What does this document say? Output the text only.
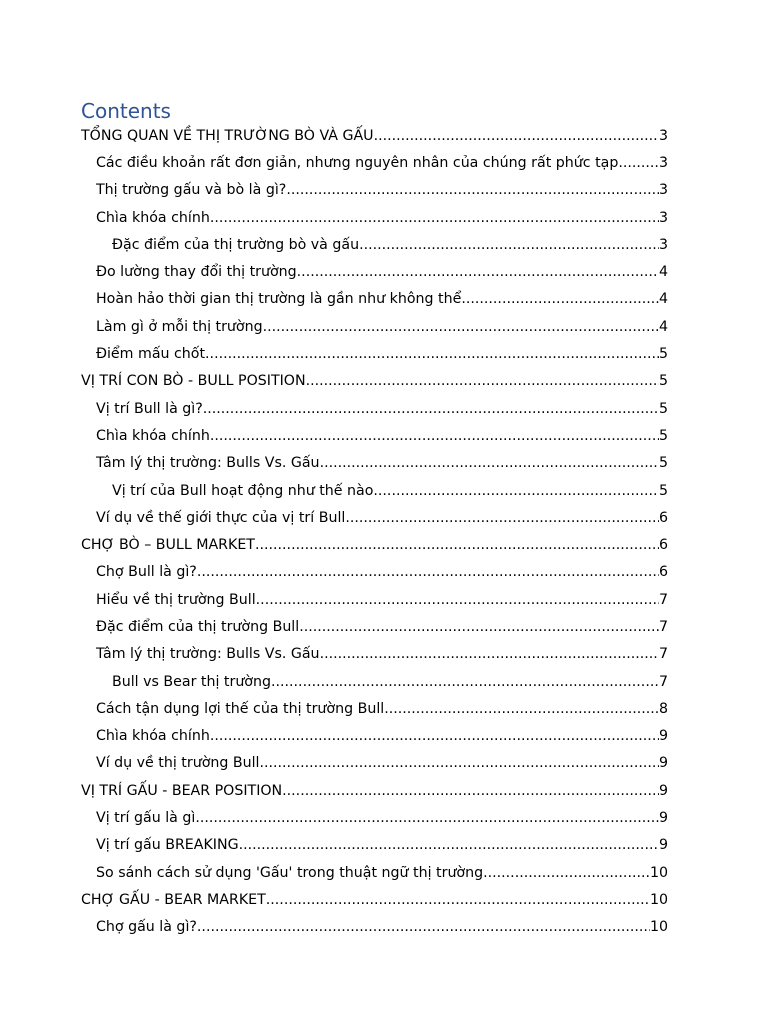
Contents
TỔNG QUAN VỀ THỊ TRƯỜNG BÒ VÀ GẤU .....	3
Các điều khoản rất đơn giản, nhưng nguyên nhân của chúng rất phức tạp .....	3
Thị trường gấu và bò là gì? .....	3
Chìa khóa chính .....	3
Đặc điểm của thị trường bò và gấu .....	3
Đo lường thay đổi thị trường .....	4
Hoàn hảo thời gian thị trường là gần như không thể. .....	4
Làm gì ở mỗi thị trường .....	4
Điểm mấu chốt .....	5
VỊ TRÍ CON BÒ - BULL POSITION .....	5
Vị trí Bull là gì? .....	5
Chìa khóa chính .....	5
Tâm lý thị trường: Bulls Vs. Gấu .....	5
Vị trí của Bull hoạt động như thế nào .....	5
Ví dụ về thế giới thực của vị trí Bull .....	6
CHỢ BÒ – BULL MARKET .....	6
Chợ Bull là gì? .....	6
Hiểu về thị trường Bull .....	7
Đặc điểm của thị trường Bull .....	7
Tâm lý thị trường: Bulls Vs. Gấu .....	7
Bull vs Bear thị trường .....	7
Cách tận dụng lợi thế của thị trường Bull .....	8
Chìa khóa chính .....	9
Ví dụ về thị trường Bull .....	9
VỊ TRÍ GẤU - BEAR POSITION .....	9
Vị trí gấu là gì .....	9
Vị trí gấu BREAKING .....	9
So sánh cách sử dụng 'Gấu' trong thuật ngữ thị trường .....	10
CHỢ GẤU - BEAR MARKET .....	10
Chợ gấu là gì? .....	10
